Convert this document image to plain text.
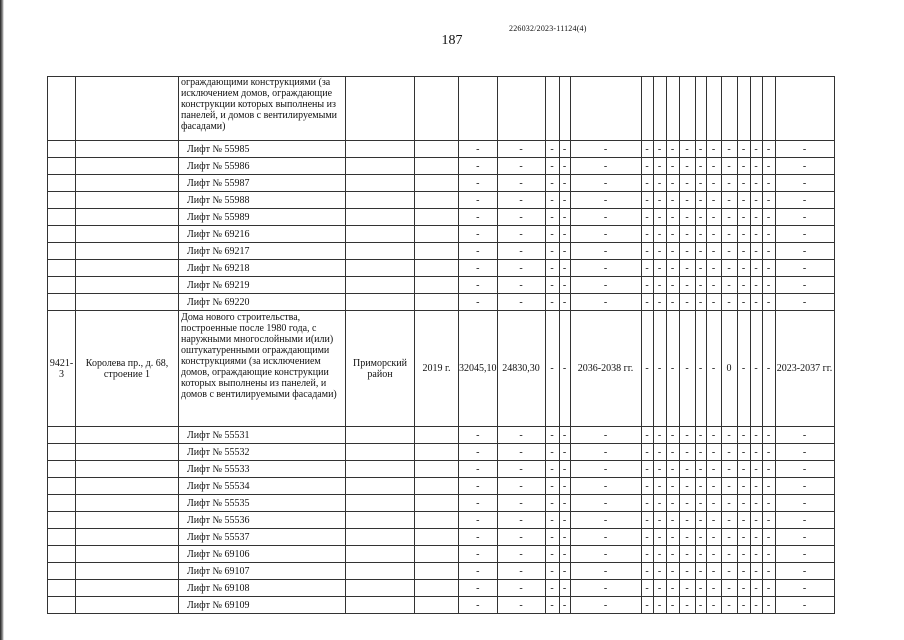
226032/2023-11124(4)
187

		ограждающими конструкциями (за исключением домов, ограждающие конструкции которых выполнены из панелей, и домов с вентилируемыми фасадами)																		

		Лифт № 55985			-	-	-	-	-	-	-	-	-	-	-	-	-	-	-	-

		Лифт № 55986			-	-	-	-	-	-	-	-	-	-	-	-	-	-	-	-

		Лифт № 55987			-	-	-	-	-	-	-	-	-	-	-	-	-	-	-	-

		Лифт № 55988			-	-	-	-	-	-	-	-	-	-	-	-	-	-	-	-

		Лифт № 55989			-	-	-	-	-	-	-	-	-	-	-	-	-	-	-	-

		Лифт № 69216			-	-	-	-	-	-	-	-	-	-	-	-	-	-	-	-

		Лифт № 69217			-	-	-	-	-	-	-	-	-	-	-	-	-	-	-	-

		Лифт № 69218			-	-	-	-	-	-	-	-	-	-	-	-	-	-	-	-

		Лифт № 69219			-	-	-	-	-	-	-	-	-	-	-	-	-	-	-	-

		Лифт № 69220			-	-	-	-	-	-	-	-	-	-	-	-	-	-	-	-

9421-3	Королева пр., д. 68, строение 1	Дома нового строительства, построенные после 1980 года, с наружными многослойными и(или) оштукатуренными ограждающими конструкциями (за исключением домов, ограждающие конструкции которых выполнены из панелей, и домов с вентилируемыми фасадами)	Приморский район	2019 г.	32045,10	24830,30	-	-	2036-2038 гг.	-	-	-	-	-	-	0	-	-	-	2023-2037 гг.

		Лифт № 55531			-	-	-	-	-	-	-	-	-	-	-	-	-	-	-	-

		Лифт № 55532			-	-	-	-	-	-	-	-	-	-	-	-	-	-	-	-

		Лифт № 55533			-	-	-	-	-	-	-	-	-	-	-	-	-	-	-	-

		Лифт № 55534			-	-	-	-	-	-	-	-	-	-	-	-	-	-	-	-

		Лифт № 55535			-	-	-	-	-	-	-	-	-	-	-	-	-	-	-	-

		Лифт № 55536			-	-	-	-	-	-	-	-	-	-	-	-	-	-	-	-

		Лифт № 55537			-	-	-	-	-	-	-	-	-	-	-	-	-	-	-	-

		Лифт № 69106			-	-	-	-	-	-	-	-	-	-	-	-	-	-	-	-

		Лифт № 69107			-	-	-	-	-	-	-	-	-	-	-	-	-	-	-	-

		Лифт № 69108			-	-	-	-	-	-	-	-	-	-	-	-	-	-	-	-

		Лифт № 69109			-	-	-	-	-	-	-	-	-	-	-	-	-	-	-	-
